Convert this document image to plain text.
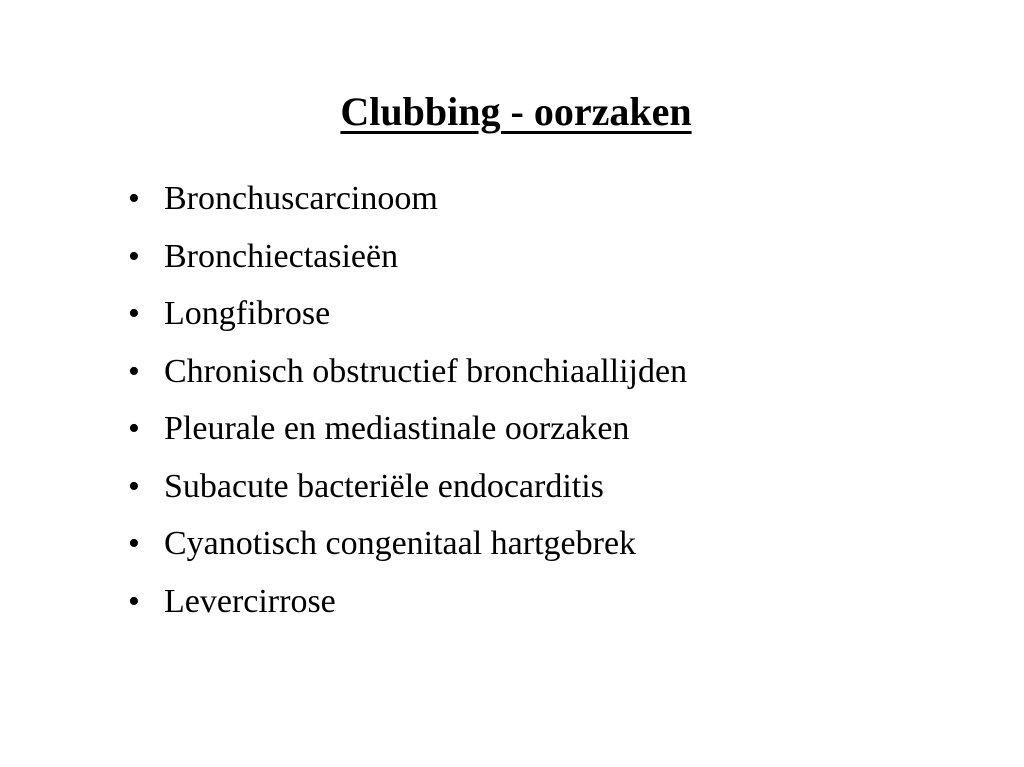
Clubbing - oorzaken
• Bronchuscarcinoom
• Bronchiectasieën
• Longfibrose
• Chronisch obstructief bronchiaallijden
• Pleurale en mediastinale oorzaken
• Subacute bacteriële endocarditis
• Cyanotisch congenitaal hartgebrek
• Levercirrose
